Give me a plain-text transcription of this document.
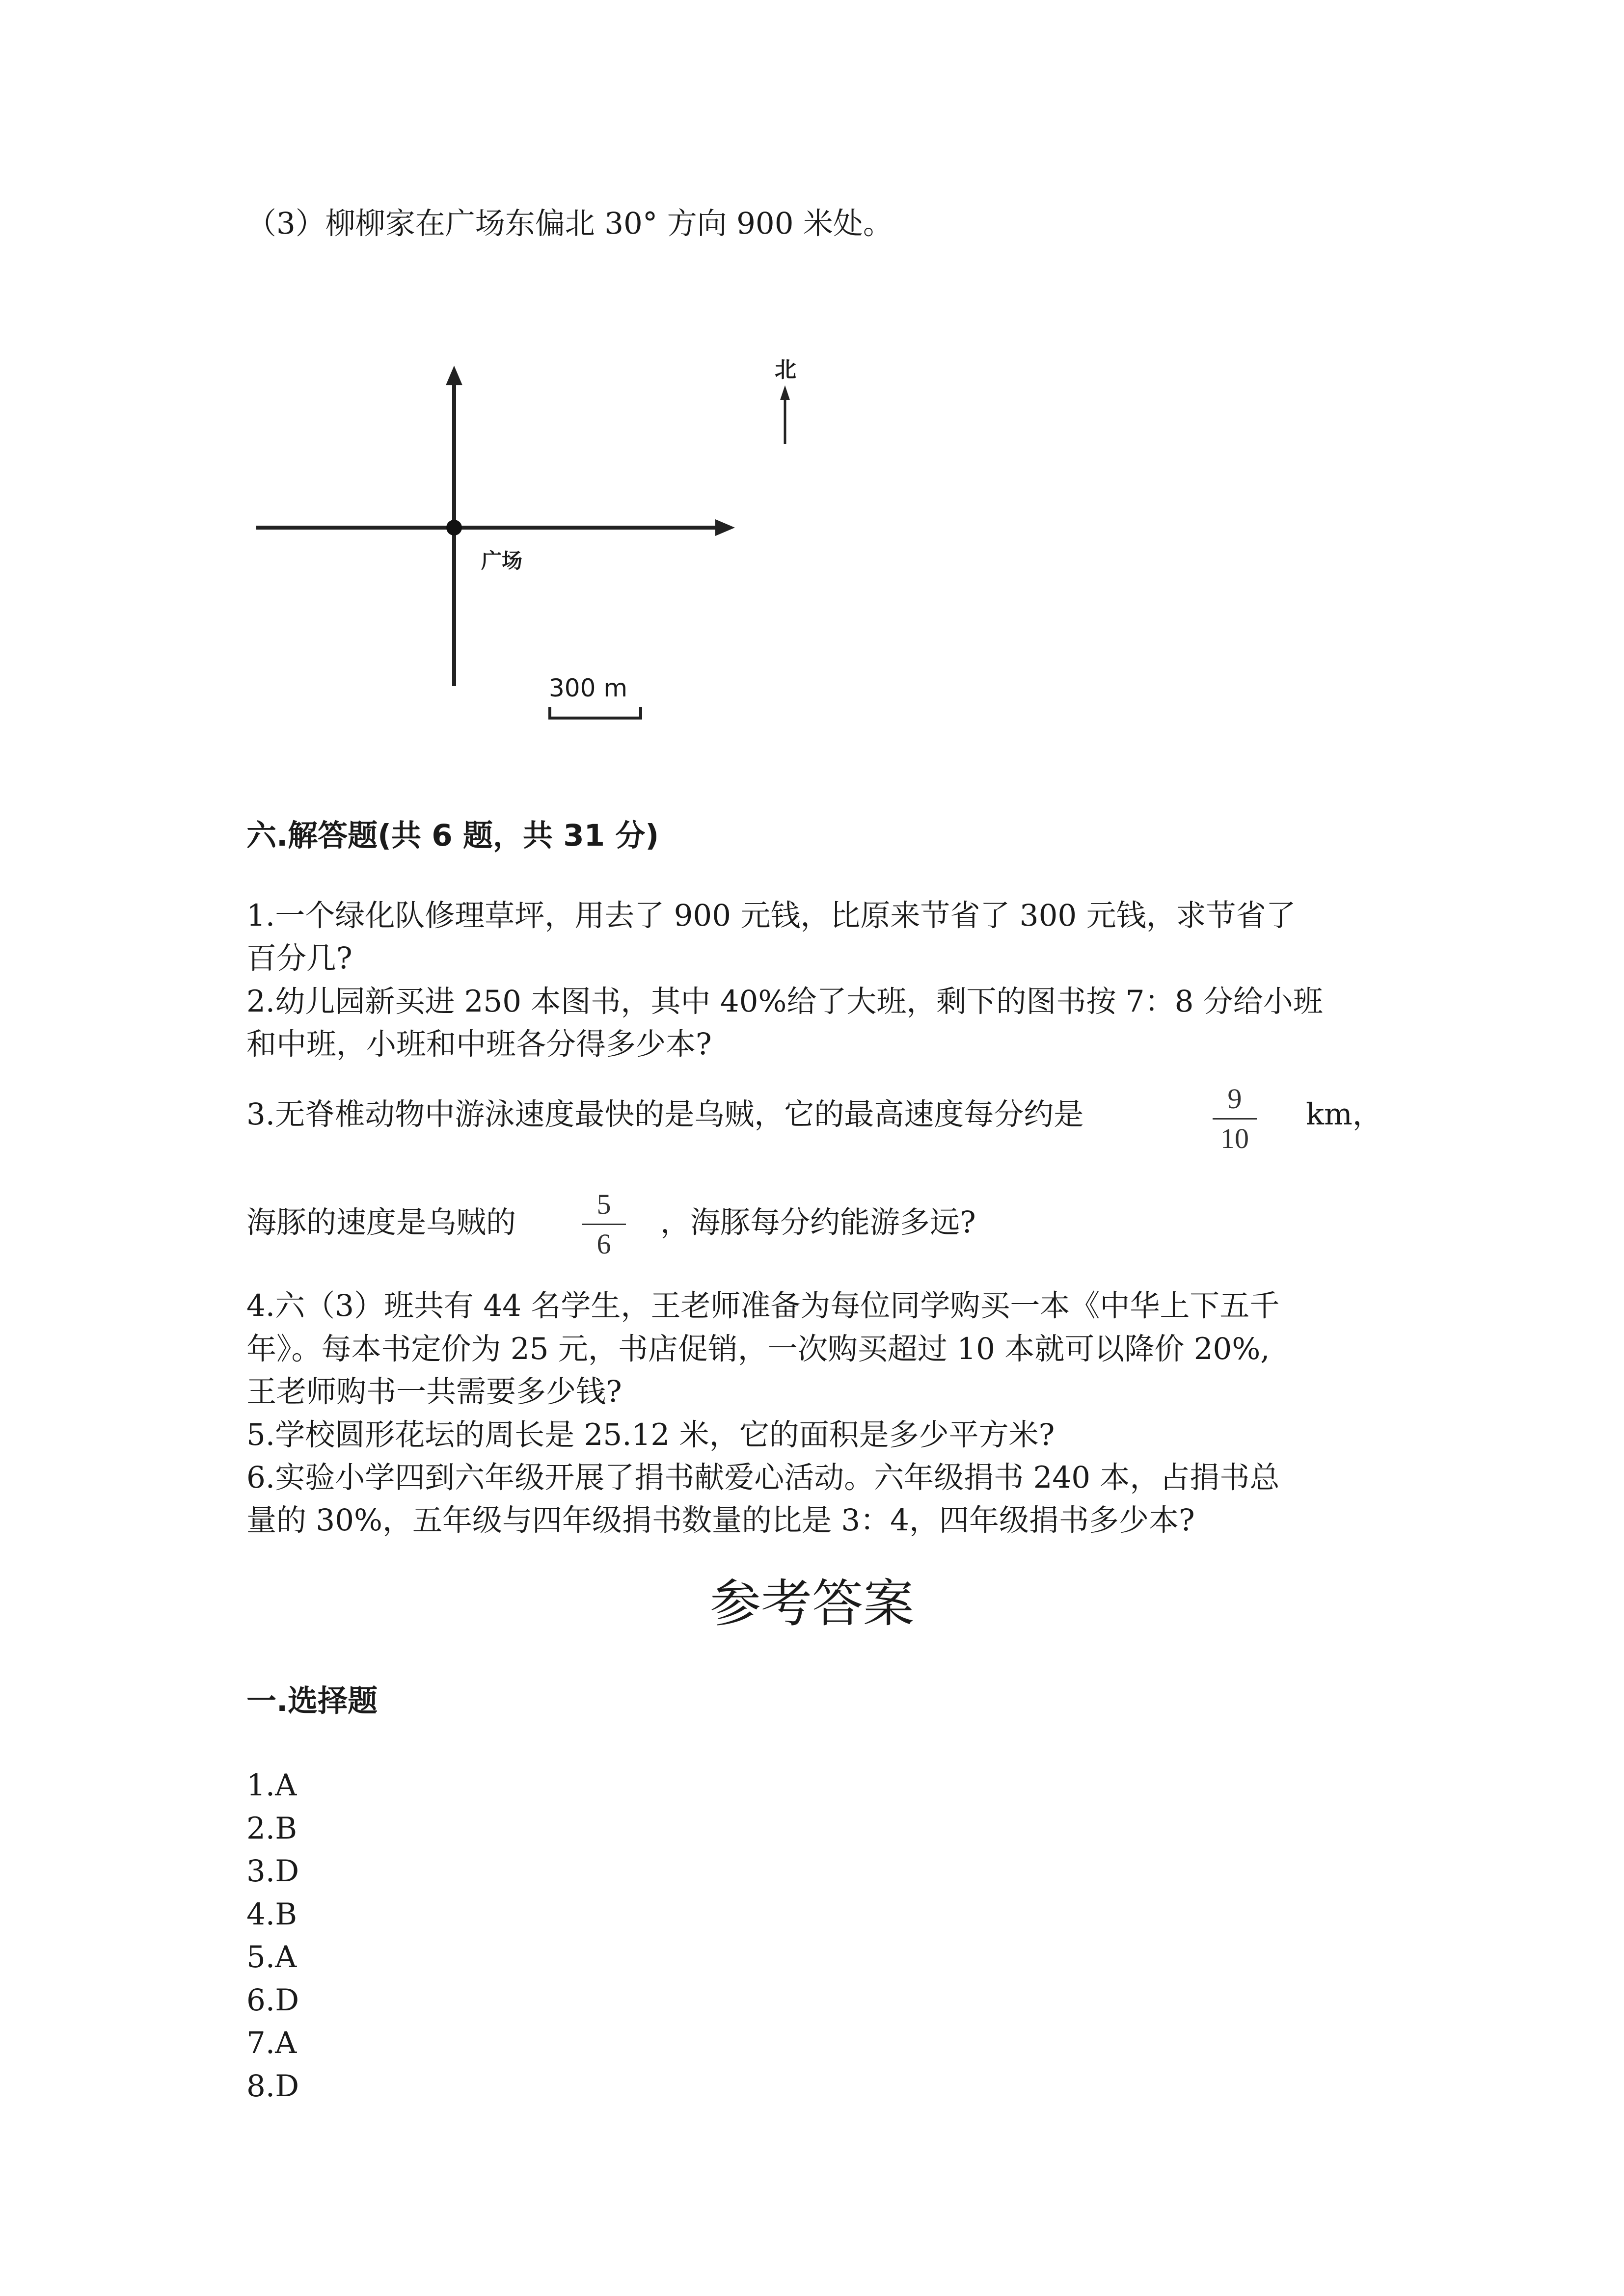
（3）柳柳家在广场东偏北 30° 方向 900 米处。
北
广场
300 m
六.解答题(共 6 题，共 31 分)
1.一个绿化队修理草坪，用去了 900 元钱，比原来节省了 300 元钱，求节省了
百分几?
2.幼儿园新买进 250 本图书，其中 40%给了大班，剩下的图书按 7：8 分给小班
和中班，小班和中班各分得多少本?
3.无脊椎动物中游泳速度最快的是乌贼，它的最高速度每分约是	9
10
km，
海豚的速度是乌贼的
5
6
，海豚每分约能游多远?
4.六（3）班共有 44 名学生，王老师准备为每位同学购买一本《中华上下五千
年》。每本书定价为 25 元，书店促销，一次购买超过 10 本就可以降价 20%,
王老师购书一共需要多少钱?
5.学校圆形花坛的周长是 25.12 米，它的面积是多少平方米?
6.实验小学四到六年级开展了捐书献爱心活动。六年级捐书 240 本，占捐书总
量的 30%，五年级与四年级捐书数量的比是 3：4，四年级捐书多少本?
参考答案
一.选择题
1.A
2.B
3.D
4.B
5.A
6.D
7.A
8.D
